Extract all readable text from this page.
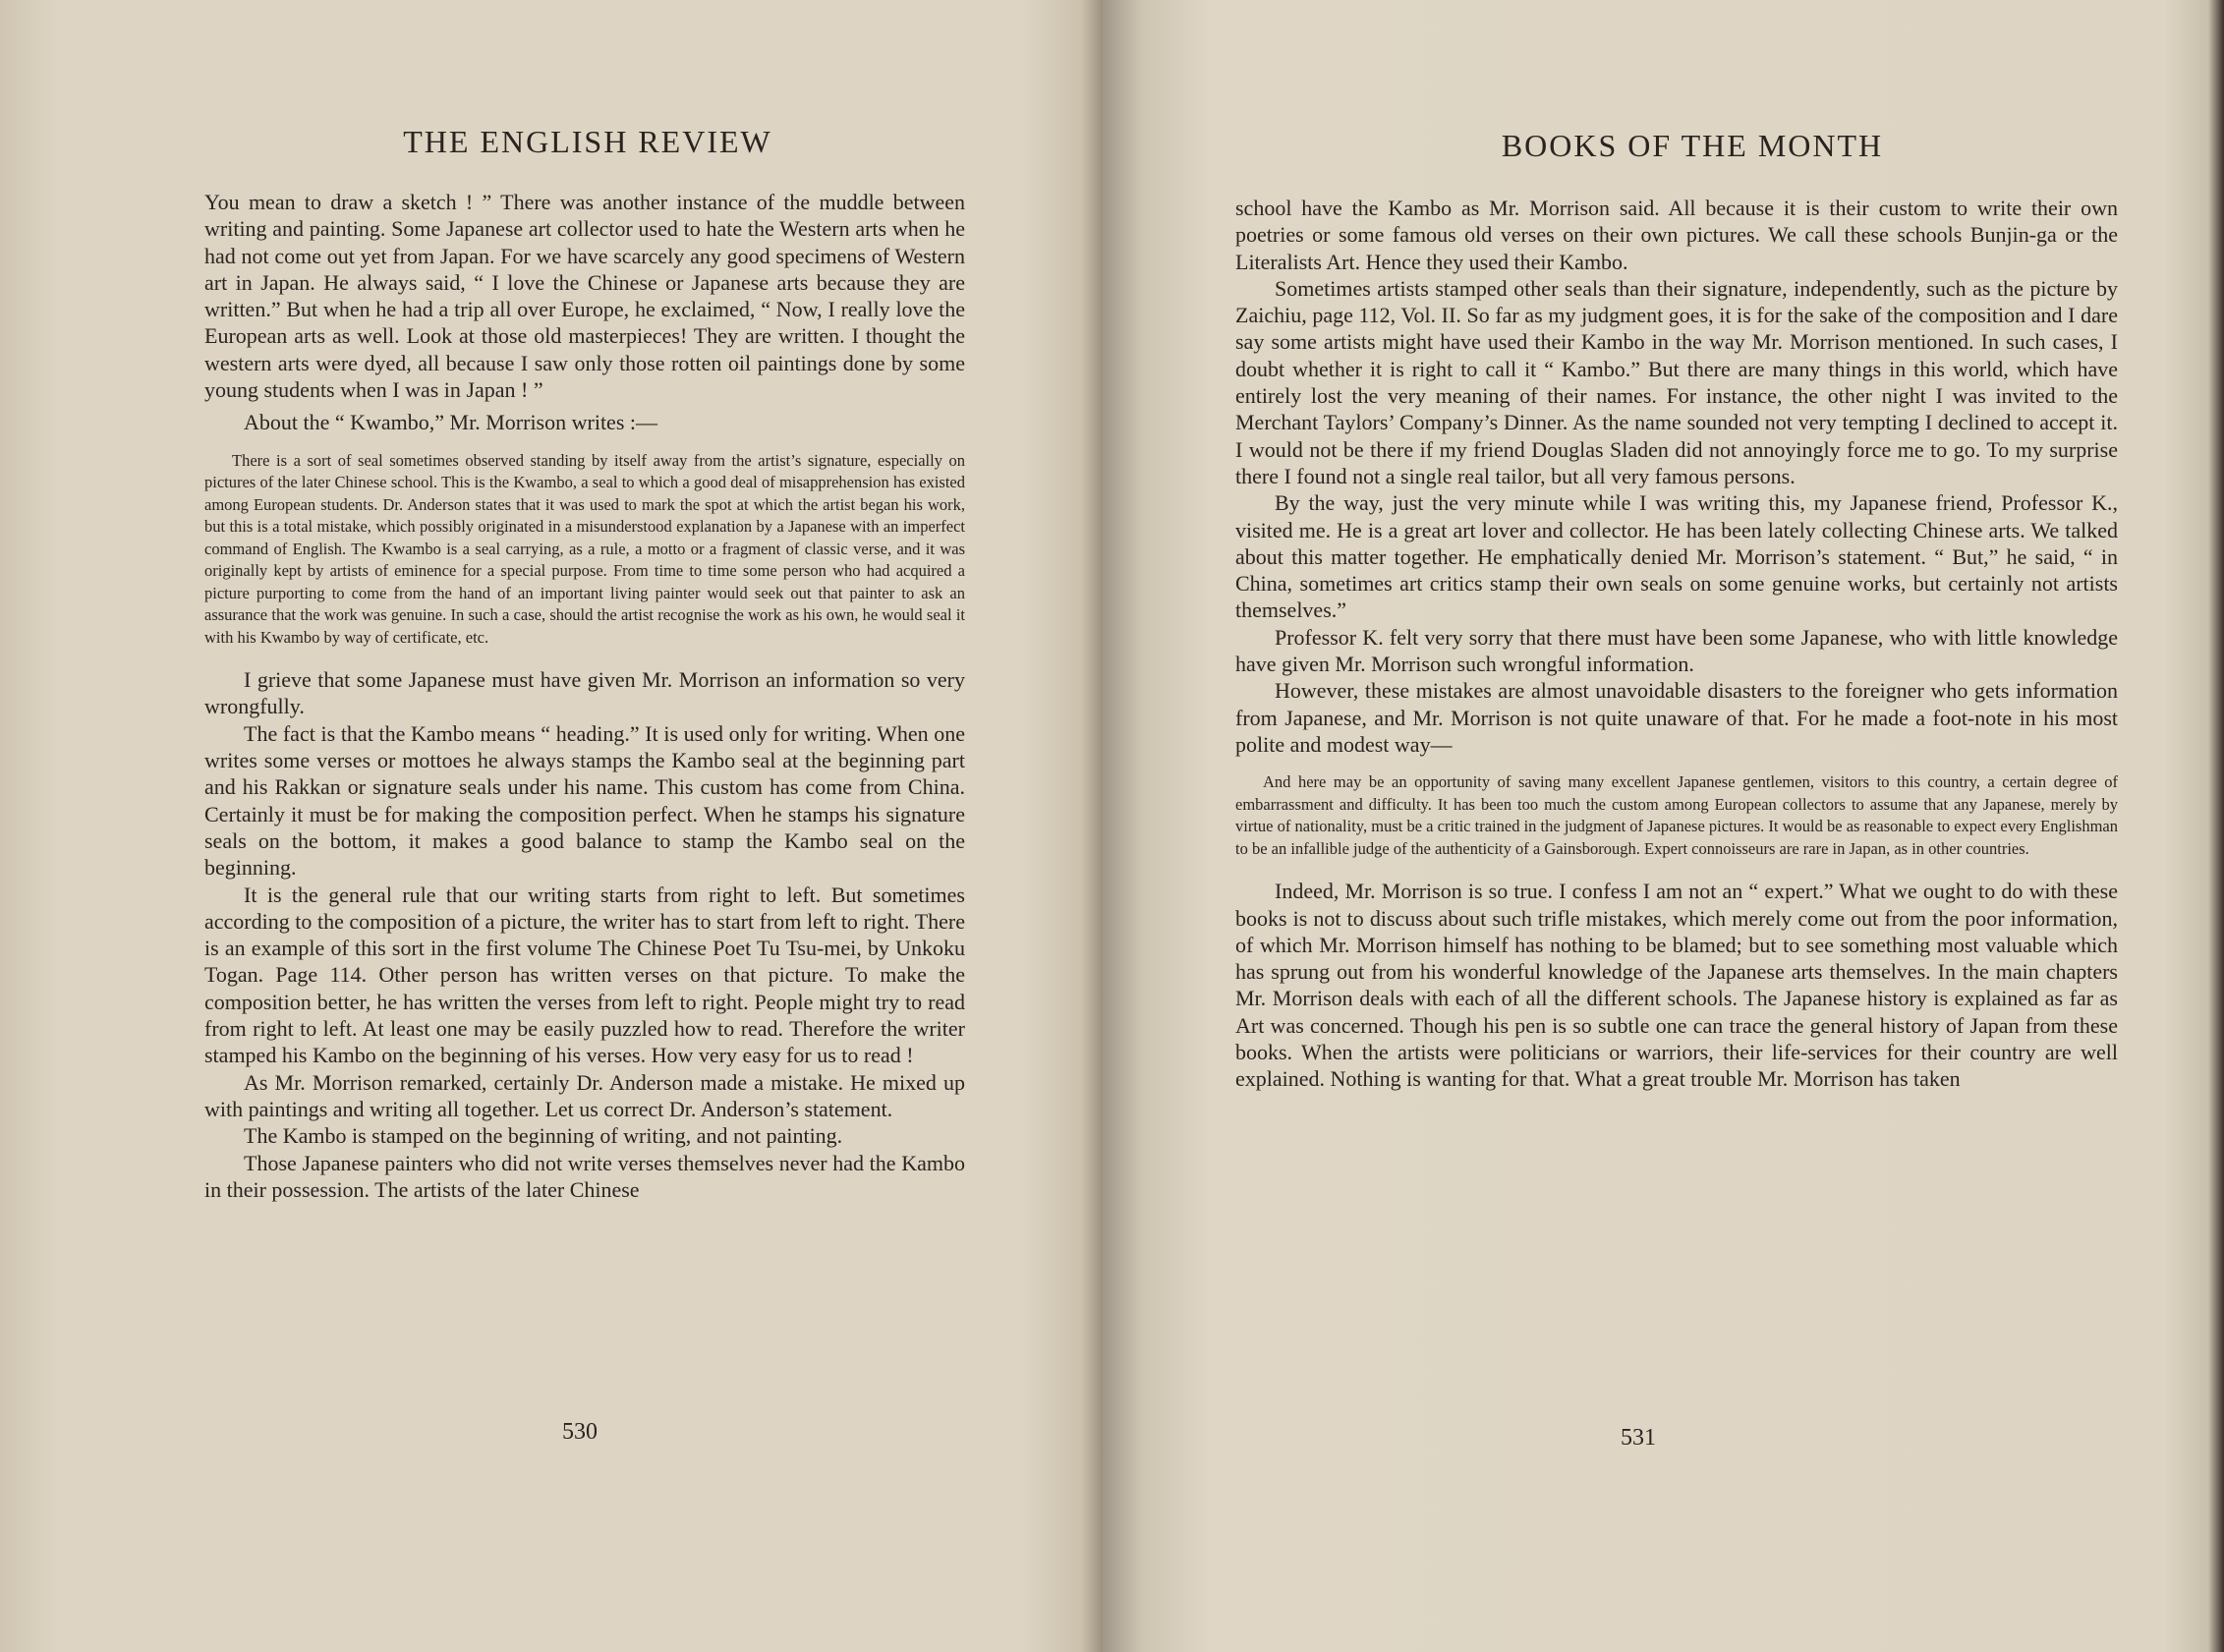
THE ENGLISH REVIEW

You mean to draw a sketch ! ” There was another instance of the muddle between writing and painting. Some Japanese art collector used to hate the Western arts when he had not come out yet from Japan. For we have scarcely any good specimens of Western art in Japan. He always said, “ I love the Chinese or Japanese arts because they are written.” But when he had a trip all over Europe, he exclaimed, “ Now, I really love the European arts as well. Look at those old masterpieces! They are written. I thought the western arts were dyed, all because I saw only those rotten oil paintings done by some young students when I was in Japan ! ”

About the “ Kwambo,” Mr. Morrison writes :—

There is a sort of seal sometimes observed standing by itself away from the artist’s signature, especially on pictures of the later Chinese school. This is the Kwambo, a seal to which a good deal of misapprehension has existed among European students. Dr. Anderson states that it was used to mark the spot at which the artist began his work, but this is a total mistake, which possibly originated in a misunderstood explanation by a Japanese with an imperfect command of English. The Kwambo is a seal carrying, as a rule, a motto or a fragment of classic verse, and it was originally kept by artists of eminence for a special purpose. From time to time some person who had acquired a picture purporting to come from the hand of an important living painter would seek out that painter to ask an assurance that the work was genuine. In such a case, should the artist recognise the work as his own, he would seal it with his Kwambo by way of certificate, etc.

I grieve that some Japanese must have given Mr. Morrison an information so very wrongfully.

The fact is that the Kambo means “ heading.” It is used only for writing. When one writes some verses or mottoes he always stamps the Kambo seal at the beginning part and his Rakkan or signature seals under his name. This custom has come from China. Certainly it must be for making the composition perfect. When he stamps his signature seals on the bottom, it makes a good balance to stamp the Kambo seal on the beginning.

It is the general rule that our writing starts from right to left. But sometimes according to the composition of a picture, the writer has to start from left to right. There is an example of this sort in the first volume The Chinese Poet Tu Tsu-mei, by Unkoku Togan. Page 114. Other person has written verses on that picture. To make the composition better, he has written the verses from left to right. People might try to read from right to left. At least one may be easily puzzled how to read. Therefore the writer stamped his Kambo on the beginning of his verses. How very easy for us to read !

As Mr. Morrison remarked, certainly Dr. Anderson made a mistake. He mixed up with paintings and writing all together. Let us correct Dr. Anderson’s statement.

The Kambo is stamped on the beginning of writing, and not painting.

Those Japanese painters who did not write verses themselves never had the Kambo in their possession. The artists of the later Chinese

530
BOOKS OF THE MONTH

school have the Kambo as Mr. Morrison said. All because it is their custom to write their own poetries or some famous old verses on their own pictures. We call these schools Bunjin-ga or the Literalists Art. Hence they used their Kambo.

Sometimes artists stamped other seals than their signature, independently, such as the picture by Zaichiu, page 112, Vol. II. So far as my judgment goes, it is for the sake of the composition and I dare say some artists might have used their Kambo in the way Mr. Morrison mentioned. In such cases, I doubt whether it is right to call it “ Kambo.” But there are many things in this world, which have entirely lost the very meaning of their names. For instance, the other night I was invited to the Merchant Taylors’ Company’s Dinner. As the name sounded not very tempting I declined to accept it. I would not be there if my friend Douglas Sladen did not annoyingly force me to go. To my surprise there I found not a single real tailor, but all very famous persons.

By the way, just the very minute while I was writing this, my Japanese friend, Professor K., visited me. He is a great art lover and collector. He has been lately collecting Chinese arts. We talked about this matter together. He emphatically denied Mr. Morrison’s statement. “ But,” he said, “ in China, sometimes art critics stamp their own seals on some genuine works, but certainly not artists themselves.”

Professor K. felt very sorry that there must have been some Japanese, who with little knowledge have given Mr. Morrison such wrongful information.

However, these mistakes are almost unavoidable disasters to the foreigner who gets information from Japanese, and Mr. Morrison is not quite unaware of that. For he made a foot-note in his most polite and modest way—

And here may be an opportunity of saving many excellent Japanese gentlemen, visitors to this country, a certain degree of embarrassment and difficulty. It has been too much the custom among European collectors to assume that any Japanese, merely by virtue of nationality, must be a critic trained in the judgment of Japanese pictures. It would be as reasonable to expect every Englishman to be an infallible judge of the authenticity of a Gainsborough. Expert connoisseurs are rare in Japan, as in other countries.

Indeed, Mr. Morrison is so true. I confess I am not an “ expert.” What we ought to do with these books is not to discuss about such trifle mistakes, which merely come out from the poor information, of which Mr. Morrison himself has nothing to be blamed; but to see something most valuable which has sprung out from his wonderful knowledge of the Japanese arts themselves. In the main chapters Mr. Morrison deals with each of all the different schools. The Japanese history is explained as far as Art was concerned. Though his pen is so subtle one can trace the general history of Japan from these books. When the artists were politicians or warriors, their life-services for their country are well explained. Nothing is wanting for that. What a great trouble Mr. Morrison has taken

531
